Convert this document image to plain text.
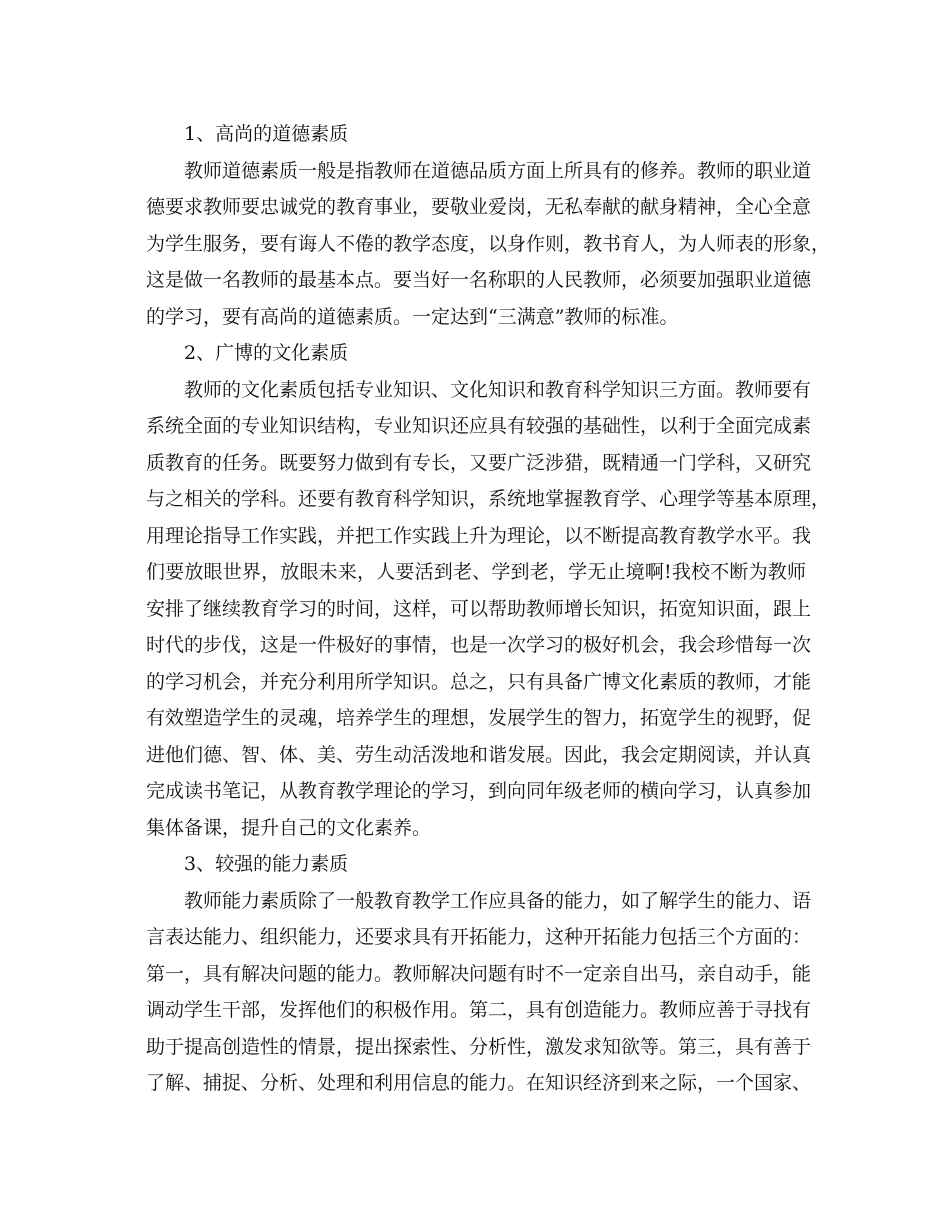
1、高尚的道德素质
教师道德素质一般是指教师在道德品质方面上所具有的修养。教师的职业道
德要求教师要忠诚党的教育事业，要敬业爱岗，无私奉献的献身精神，全心全意
为学生服务，要有诲人不倦的教学态度，以身作则，教书育人，为人师表的形象，
这是做一名教师的最基本点。要当好一名称职的人民教师，必须要加强职业道德
的学习，要有高尚的道德素质。一定达到“三满意”教师的标准。
2、广博的文化素质
教师的文化素质包括专业知识、文化知识和教育科学知识三方面。教师要有
系统全面的专业知识结构，专业知识还应具有较强的基础性，以利于全面完成素
质教育的任务。既要努力做到有专长，又要广泛涉猎，既精通一门学科，又研究
与之相关的学科。还要有教育科学知识，系统地掌握教育学、心理学等基本原理，
用理论指导工作实践，并把工作实践上升为理论，以不断提高教育教学水平。我
们要放眼世界，放眼未来，人要活到老、学到老，学无止境啊!我校不断为教师
安排了继续教育学习的时间，这样，可以帮助教师增长知识，拓宽知识面，跟上
时代的步伐，这是一件极好的事情，也是一次学习的极好机会，我会珍惜每一次
的学习机会，并充分利用所学知识。总之，只有具备广博文化素质的教师，才能
有效塑造学生的灵魂，培养学生的理想，发展学生的智力，拓宽学生的视野，促
进他们德、智、体、美、劳生动活泼地和谐发展。因此，我会定期阅读，并认真
完成读书笔记，从教育教学理论的学习，到向同年级老师的横向学习，认真参加
集体备课，提升自己的文化素养。
3、较强的能力素质
教师能力素质除了一般教育教学工作应具备的能力，如了解学生的能力、语
言表达能力、组织能力，还要求具有开拓能力，这种开拓能力包括三个方面的：
第一，具有解决问题的能力。教师解决问题有时不一定亲自出马，亲自动手，能
调动学生干部，发挥他们的积极作用。第二，具有创造能力。教师应善于寻找有
助于提高创造性的情景，提出探索性、分析性，激发求知欲等。第三，具有善于
了解、捕捉、分析、处理和利用信息的能力。在知识经济到来之际，一个国家、
